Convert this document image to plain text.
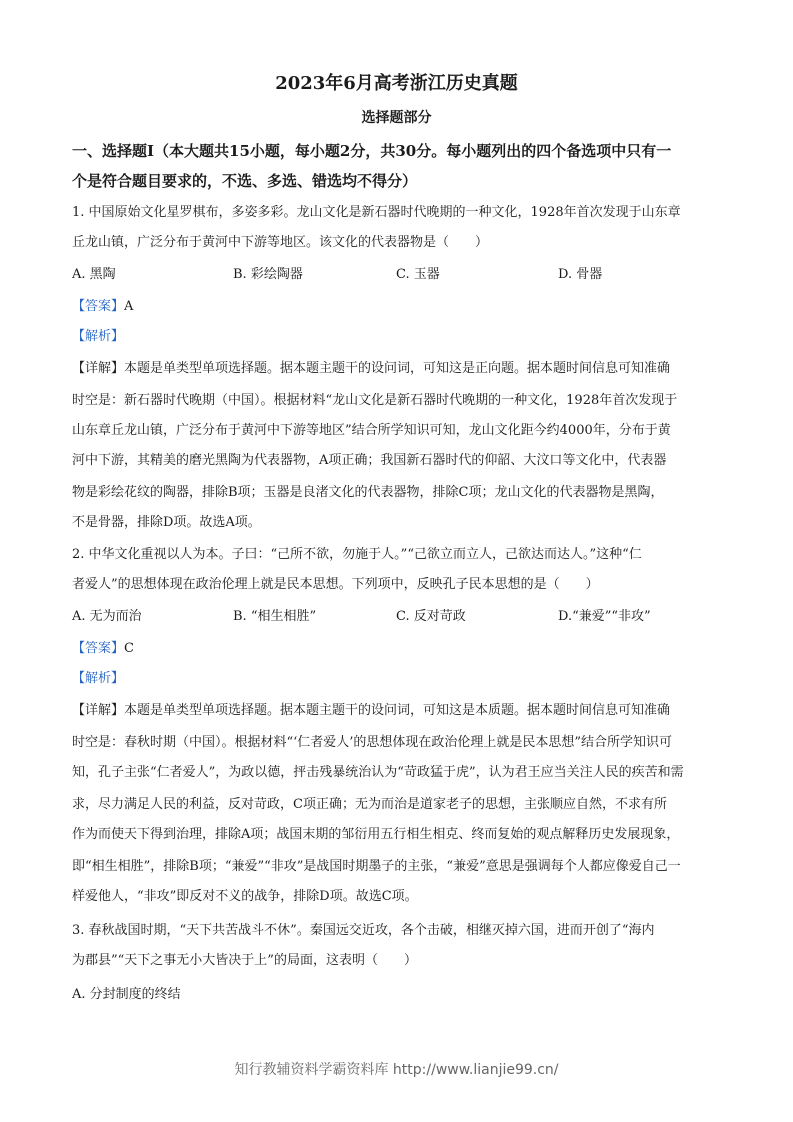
2023年6月高考浙江历史真题
选择题部分
一、选择题Ⅰ（本大题共15小题，每小题2分，共30分。每小题列出的四个备选项中只有一
个是符合题目要求的，不选、多选、错选均不得分）
1. 中国原始文化星罗棋布，多姿多彩。龙山文化是新石器时代晚期的一种文化，1928年首次发现于山东章
丘龙山镇，广泛分布于黄河中下游等地区。该文化的代表器物是（　　）
A. 黑陶	B. 彩绘陶器	C. 玉器	D. 骨器
【答案】A
【解析】
【详解】本题是单类型单项选择题。据本题主题干的设问词，可知这是正向题。据本题时间信息可知准确
时空是：新石器时代晚期（中国）。根据材料“龙山文化是新石器时代晚期的一种文化，1928年首次发现于
山东章丘龙山镇，广泛分布于黄河中下游等地区”结合所学知识可知，龙山文化距今约4000年，分布于黄
河中下游，其精美的磨光黑陶为代表器物，A项正确；我国新石器时代的仰韶、大汶口等文化中，代表器
物是彩绘花纹的陶器，排除B项；玉器是良渚文化的代表器物，排除C项；龙山文化的代表器物是黑陶，
不是骨器，排除D项。故选A项。
2. 中华文化重视以人为本。子曰：“己所不欲，勿施于人。”“己欲立而立人，己欲达而达人。”这种“仁
者爱人”的思想体现在政治伦理上就是民本思想。下列项中，反映孔子民本思想的是（　　）
A. 无为而治	B. “相生相胜”	C. 反对苛政	D.“兼爱”“非攻”
【答案】C
【解析】
【详解】本题是单类型单项选择题。据本题主题干的设问词，可知这是本质题。据本题时间信息可知准确
时空是：春秋时期（中国）。根据材料“‘仁者爱人’的思想体现在政治伦理上就是民本思想”结合所学知识可
知，孔子主张“仁者爱人”，为政以德，抨击残暴统治认为“苛政猛于虎”，认为君王应当关注人民的疾苦和需
求，尽力满足人民的利益，反对苛政，C项正确；无为而治是道家老子的思想，主张顺应自然，不求有所
作为而使天下得到治理，排除A项；战国末期的邹衍用五行相生相克、终而复始的观点解释历史发展现象，
即“相生相胜”，排除B项；“兼爱”“非攻”是战国时期墨子的主张，“兼爱”意思是强调每个人都应像爱自己一
样爱他人，“非攻”即反对不义的战争，排除D项。故选C项。
3. 春秋战国时期，“天下共苦战斗不休”。秦国远交近攻，各个击破，相继灭掉六国，进而开创了“海内
为郡县”“天下之事无小大皆决于上”的局面，这表明（　　）
A. 分封制度的终结
知行教辅资料学霸资料库 http://www.lianjie99.cn/
